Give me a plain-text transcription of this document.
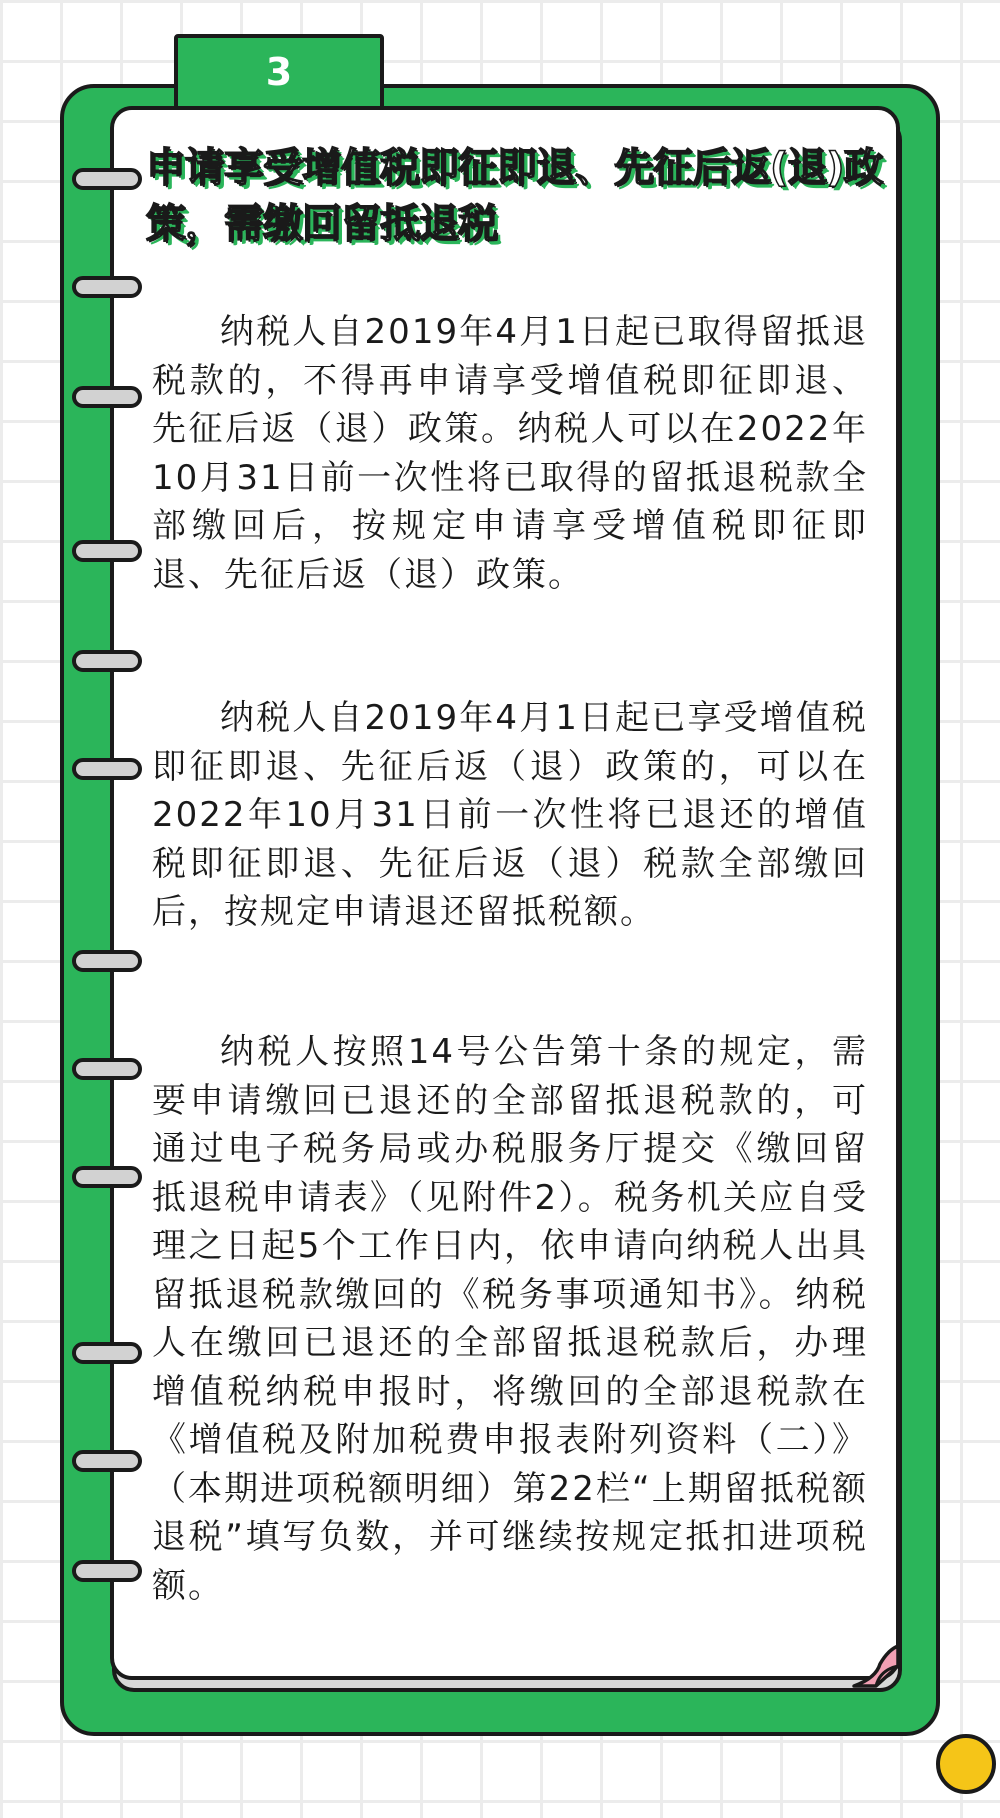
3
申请享受增值税即征即退、先征后返(退)政策，需缴回留抵退税

纳税人自2019年4月1日起已取得留抵退税款的，不得再申请享受增值税即征即退、先征后返（退）政策。纳税人可以在2022年10月31日前一次性将已取得的留抵退税款全部缴回后，按规定申请享受增值税即征即退、先征后返（退）政策。

纳税人自2019年4月1日起已享受增值税即征即退、先征后返（退）政策的，可以在2022年10月31日前一次性将已退还的增值税即征即退、先征后返（退）税款全部缴回后，按规定申请退还留抵税额。

纳税人按照14号公告第十条的规定，需要申请缴回已退还的全部留抵退税款的，可通过电子税务局或办税服务厅提交《缴回留抵退税申请表》（见附件2）。税务机关应自受理之日起5个工作日内，依申请向纳税人出具留抵退税款缴回的《税务事项通知书》。纳税人在缴回已退还的全部留抵退税款后，办理增值税纳税申报时，将缴回的全部退税款在《增值税及附加税费申报表附列资料（二）》（本期进项税额明细）第22栏“上期留抵税额退税”填写负数，并可继续按规定抵扣进项税额。
